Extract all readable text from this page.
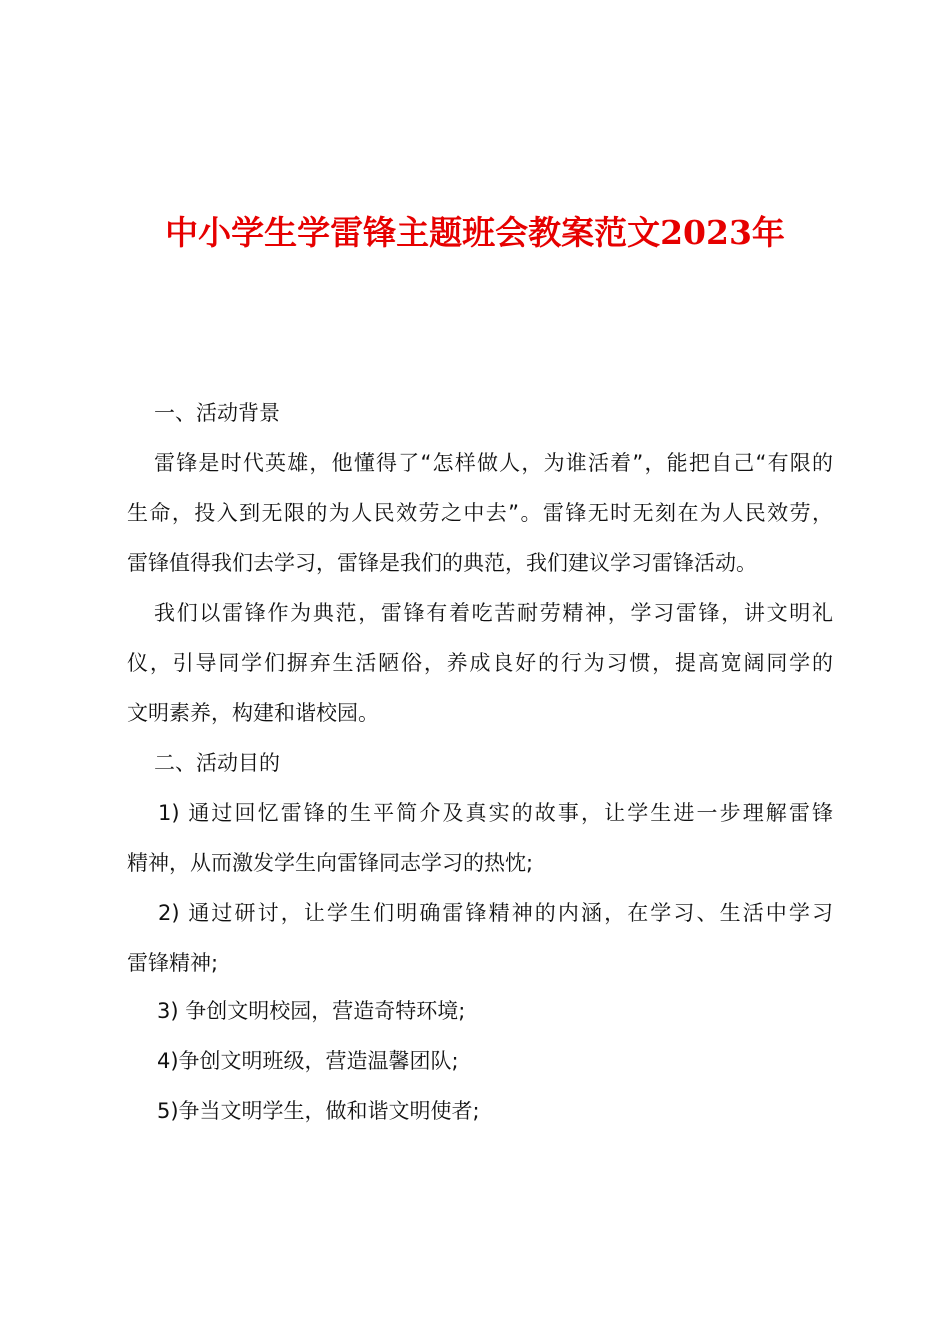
中小学生学雷锋主题班会教案范文2023年
一、活动背景
雷锋是时代英雄，他懂得了“怎样做人，为谁活着”，能把自己“有限的
生命，投入到无限的为人民效劳之中去”。雷锋无时无刻在为人民效劳，
雷锋值得我们去学习，雷锋是我们的典范，我们建议学习雷锋活动。
我们以雷锋作为典范，雷锋有着吃苦耐劳精神，学习雷锋，讲文明礼
仪，引导同学们摒弃生活陋俗，养成良好的行为习惯，提高宽阔同学的
文明素养，构建和谐校园。
二、活动目的
1) 通过回忆雷锋的生平简介及真实的故事，让学生进一步理解雷锋
精神，从而激发学生向雷锋同志学习的热忱;
2) 通过研讨，让学生们明确雷锋精神的内涵，在学习、生活中学习
雷锋精神;
3) 争创文明校园，营造奇特环境;
4)争创文明班级，营造温馨团队;
5)争当文明学生，做和谐文明使者;
